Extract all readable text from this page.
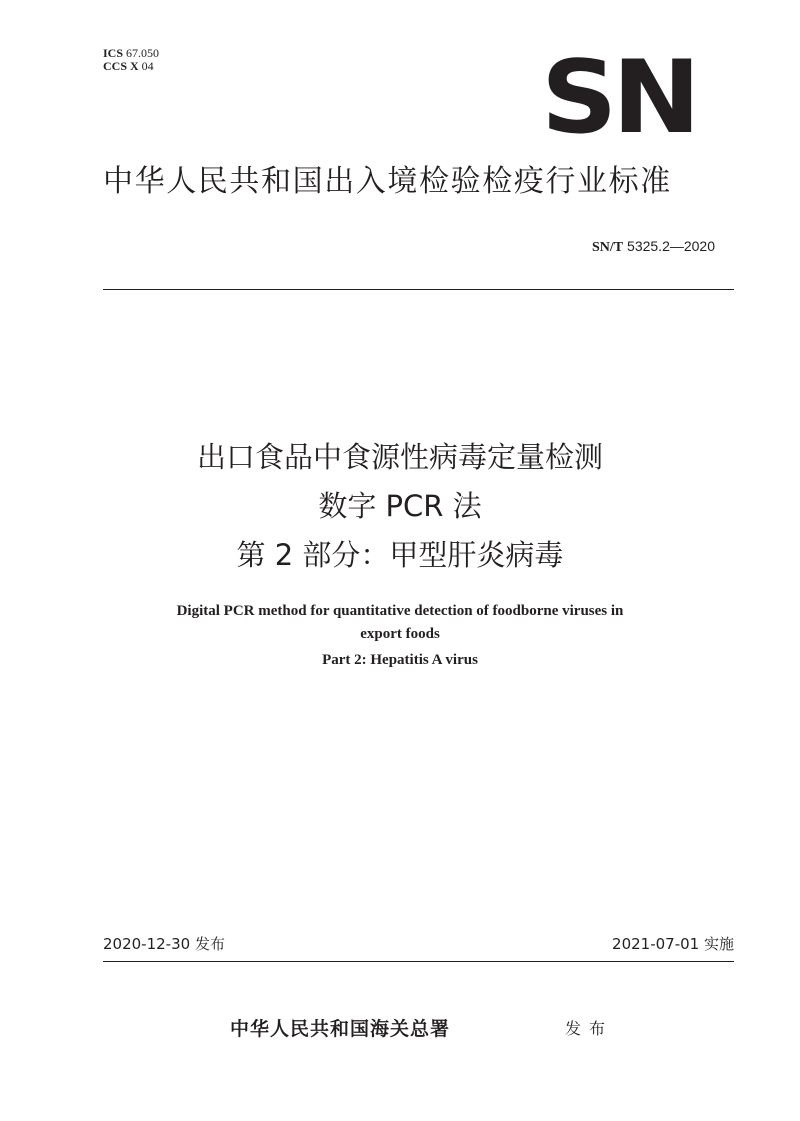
ICS 67.050
CCS X 04	SN
中华人民共和国出入境检验检疫行业标准
SN/T 5325.2—2020
出口食品中食源性病毒定量检测
数字 PCR 法
第 2 部分：甲型肝炎病毒
Digital PCR method for quantitative detection of foodborne viruses in
export foods
Part 2: Hepatitis A virus
2020-12-30 发布	2021-07-01 实施
中华人民共和国海关总署	发布
